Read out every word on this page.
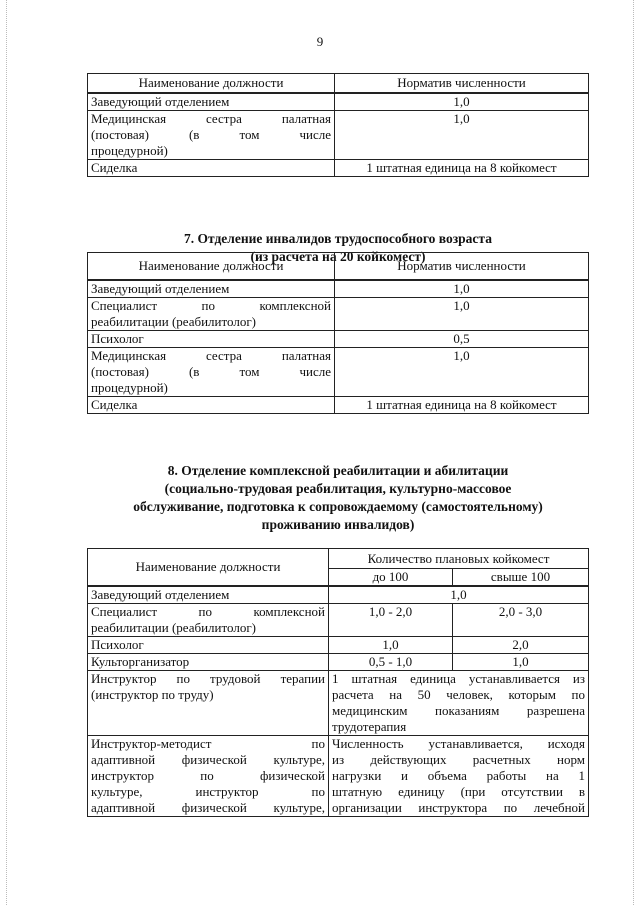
9
Наименование должности	Норматив численности
Заведующий отделением	1,0

Медицинская сестра палатная
(постовая) (в том числе
процедурной)	1,0
Сиделка	1 штатная единица на 8 койкомест
7. Отделение инвалидов трудоспособного возраста
(из расчета на 20 койкомест)
Наименование должности	Норматив численности
Заведующий отделением	1,0

Специалист по комплексной
реабилитации (реабилитолог)	1,0
Психолог	0,5

Медицинская сестра палатная
(постовая) (в том числе
процедурной)	1,0
Сиделка	1 штатная единица на 8 койкомест
8. Отделение комплексной реабилитации и абилитации
(социально-трудовая реабилитация, культурно-массовое
обслуживание, подготовка к сопровождаемому (самостоятельному)
проживанию инвалидов)
Наименование должности	Количество плановых койкомест	
	до 100	свыше 100
Заведующий отделением	1,0	

Специалист по комплексной
реабилитации (реабилитолог)	1,0 - 2,0	2,0 - 3,0
Психолог	1,0	2,0
Культорганизатор	0,5 - 1,0	1,0

Инструктор по трудовой терапии
(инструктор по труду)	1 штатная единица устанавливается из
расчета на 50 человек, которым по
медицинским показаниям разрешена
трудотерапия	

Инструктор-методист по
адаптивной физической культуре,
инструктор по физической
культуре, инструктор по
адаптивной физической культуре,	Численность устанавливается, исходя
из действующих расчетных норм
нагрузки и объема работы на 1
штатную единицу (при отсутствии в
организации инструктора по лечебной	
